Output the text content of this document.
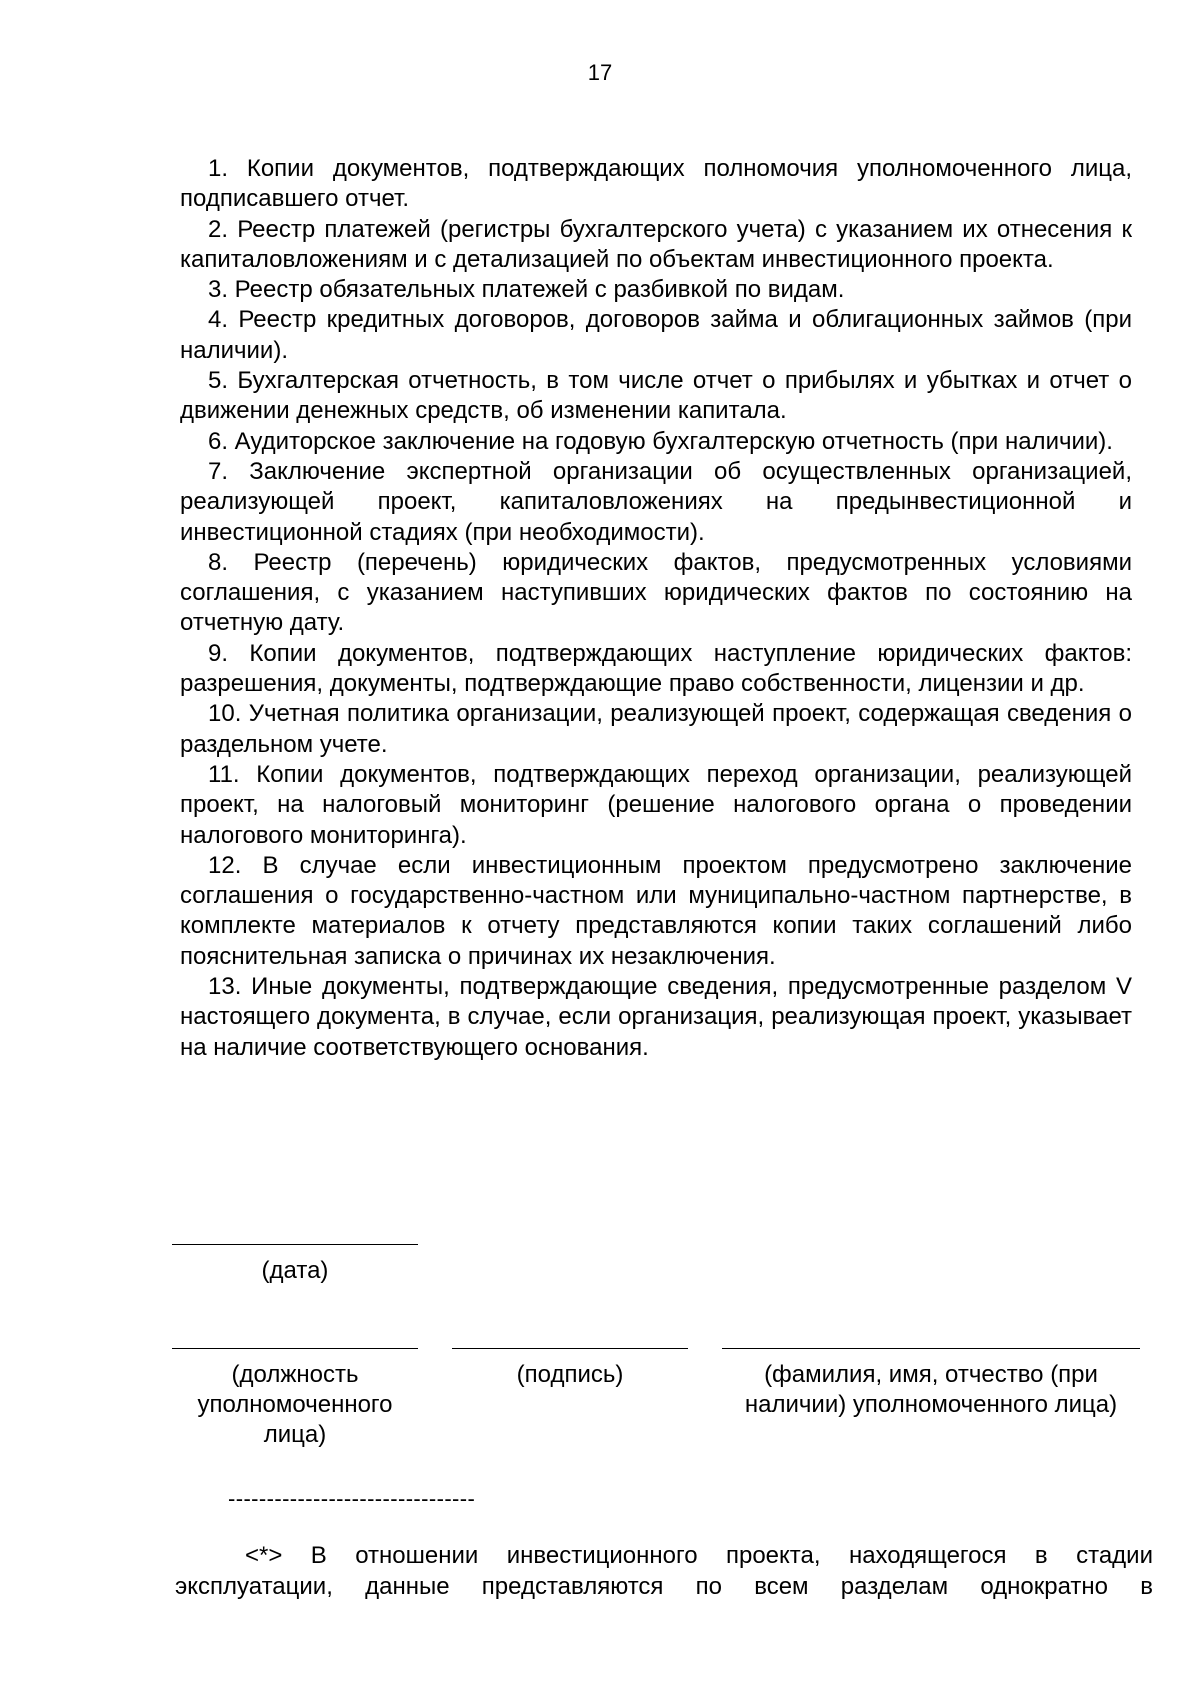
17

1. Копии документов, подтверждающих полномочия уполномоченного лица, подписавшего отчет.

2. Реестр платежей (регистры бухгалтерского учета) с указанием их отнесения к капиталовложениям и с детализацией по объектам инвестиционного проекта.

3. Реестр обязательных платежей с разбивкой по видам.

4. Реестр кредитных договоров, договоров займа и облигационных займов (при наличии).

5. Бухгалтерская отчетность, в том числе отчет о прибылях и убытках и отчет о движении денежных средств, об изменении капитала.

6. Аудиторское заключение на годовую бухгалтерскую отчетность (при наличии).

7. Заключение экспертной организации об осуществленных организацией, реализующей проект, капиталовложениях на предынвестиционной и инвестиционной стадиях (при необходимости).

8. Реестр (перечень) юридических фактов, предусмотренных условиями соглашения, с указанием наступивших юридических фактов по состоянию на отчетную дату.

9. Копии документов, подтверждающих наступление юридических фактов: разрешения, документы, подтверждающие право собственности, лицензии и др.

10. Учетная политика организации, реализующей проект, содержащая сведения о раздельном учете.

11. Копии документов, подтверждающих переход организации, реализующей проект, на налоговый мониторинг (решение налогового органа о проведении налогового мониторинга).

12. В случае если инвестиционным проектом предусмотрено заключение соглашения о государственно-частном или муниципально-частном партнерстве, в комплекте материалов к отчету представляются копии таких соглашений либо пояснительная записка о причинах их незаключения.

13. Иные документы, подтверждающие сведения, предусмотренные разделом V настоящего документа, в случае, если организация, реализующая проект, указывает на наличие соответствующего основания.

(дата)
(должность уполномоченного лица)
(подпись)	(фамилия, имя, отчество (при наличии) уполномоченного лица)
--------------------------------

<*> В отношении инвестиционного проекта, находящегося в стадии эксплуатации, данные представляются по всем разделам однократно в
